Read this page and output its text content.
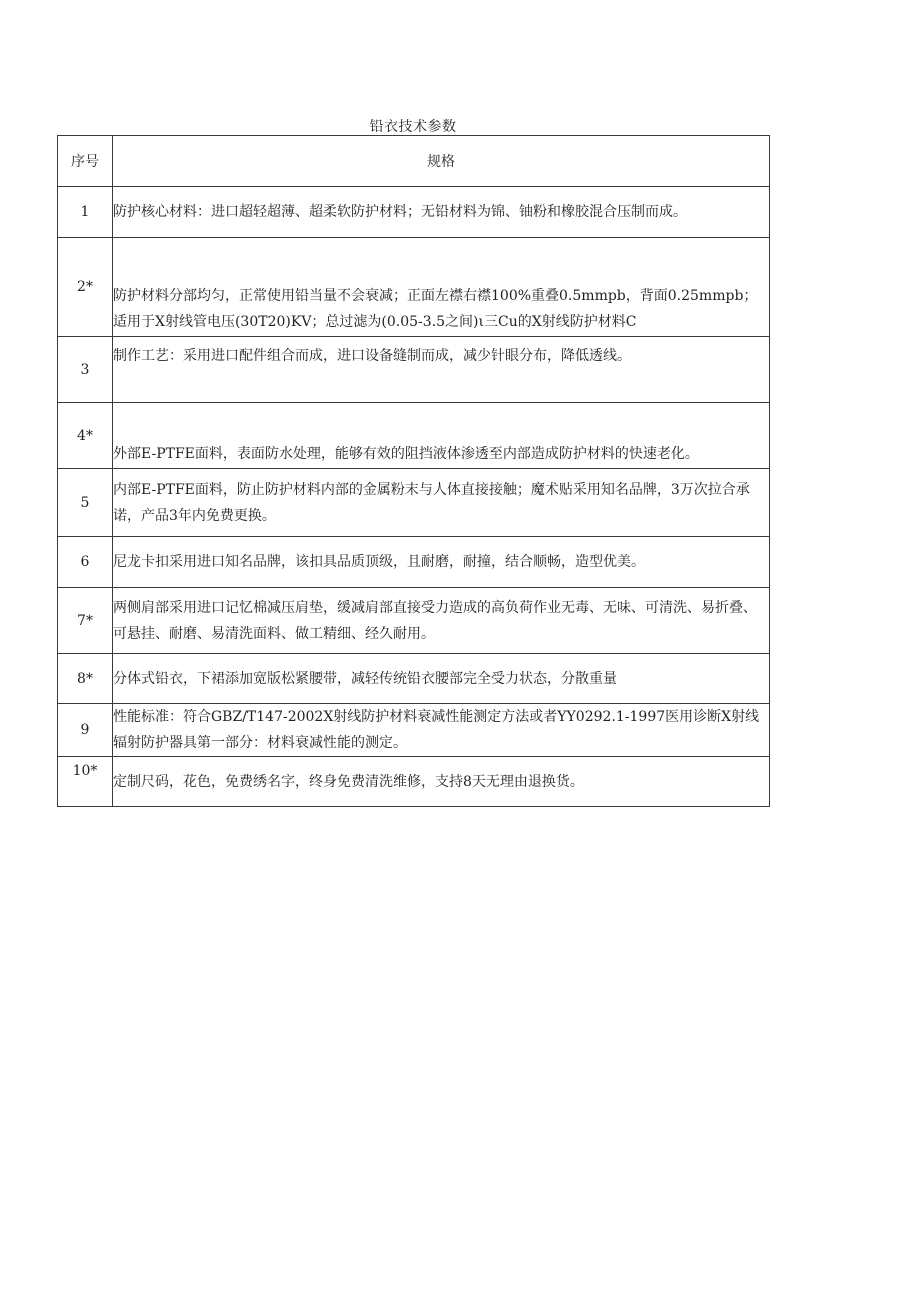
铅衣技术参数
序号	规格
1	防护核心材料：进口超轻超薄、超柔软防护材料；无铅材料为锦、铀粉和橡胶混合压制而成。
2*	防护材料分部均匀，正常使用铅当量不会衰减；正面左襟右襟100%重叠0.5mmpb，背面0.25mmpb；适用于X射线管电压(30T20)KV；总过滤为(0.05-3.5之间)ι三Cu的X射线防护材料C
3	制作工艺：采用进口配件组合而成，进口设备缝制而成，减少针眼分布，降低透线。
4*	外部E-PTFE面料，表面防水处理，能够有效的阻挡液体渗透至内部造成防护材料的快速老化。
5	内部E-PTFE面料，防止防护材料内部的金属粉末与人体直接接触；魔术贴采用知名品牌，3万次拉合承诺，产品3年内免费更换。
6	尼龙卡扣采用进口知名品牌，该扣具品质顶级，且耐磨，耐撞，结合顺畅，造型优美。
7*	两侧肩部采用进口记忆棉减压肩垫，缓减肩部直接受力造成的高负荷作业无毒、无味、可清洗、易折叠、可悬挂、耐磨、易清洗面料、做工精细、经久耐用。
8*	分体式铅衣，下裙添加宽版松紧腰带，减轻传统铅衣腰部完全受力状态，分散重量
9	性能标准：符合GBZ/T147-2002X射线防护材料衰减性能测定方法或者YY0292.1-1997医用诊断X射线辐射防护器具第一部分：材料衰减性能的测定。
10*	定制尺码，花色，免费绣名字，终身免费清洗维修，支持8天无理由退换货。
